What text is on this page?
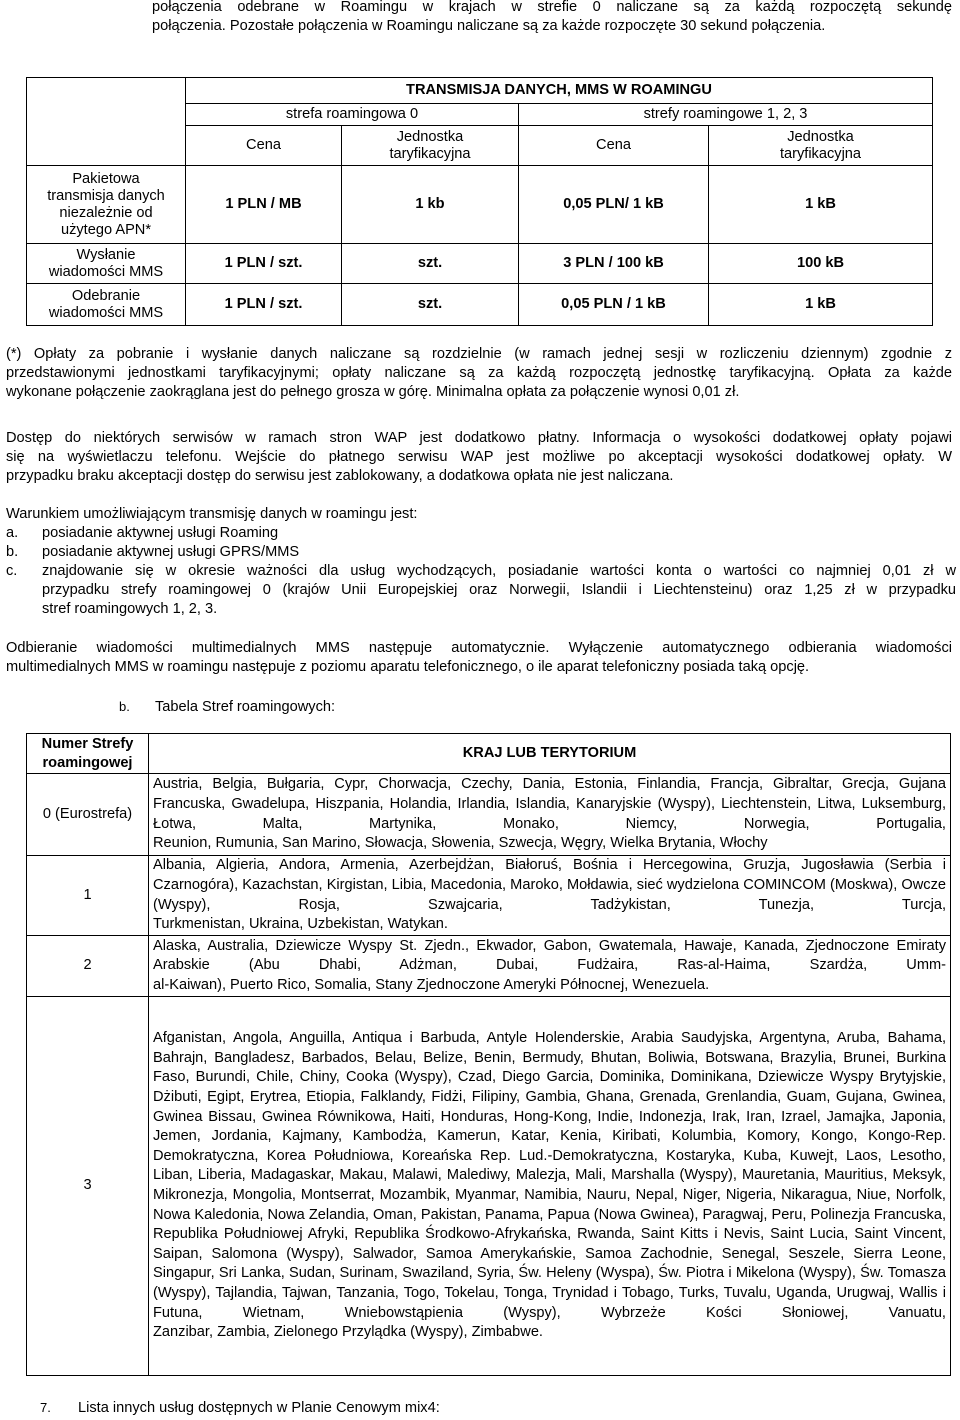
połączenia odebrane w Roamingu w krajach w strefie 0 naliczane są za każdą rozpoczętą sekundę
połączenia. Pozostałe połączenia w Roamingu naliczane są za każde rozpoczęte 30 sekund połączenia.
	TRANSMISJA DANYCH, MMS W ROAMINGU			
	strefa roamingowa 0		strefy roamingowe 1, 2, 3	
	Cena	Jednostka taryfikacyjna	Cena	Jednostka taryfikacyjna

Pakietowa transmisja danych niezależnie od użytego APN*	1 PLN / MB	1 kb	0,05 PLN/ 1 kB	1 kB

Wysłanie wiadomości MMS	1 PLN / szt.	szt.	3 PLN / 100 kB	100 kB

Odebranie wiadomości MMS	1 PLN / szt.	szt.	0,05 PLN / 1 kB	1 kB
(*) Opłaty za pobranie i wysłanie danych naliczane są rozdzielnie (w ramach jednej sesji w rozliczeniu dziennym) zgodnie z
przedstawionymi jednostkami taryfikacyjnymi; opłaty naliczane są za każdą rozpoczętą jednostkę taryfikacyjną. Opłata za każde
wykonane połączenie zaokrąglana jest do pełnego grosza w górę. Minimalna opłata za połączenie wynosi 0,01 zł.
Dostęp do niektórych serwisów w ramach stron WAP jest dodatkowo płatny. Informacja o wysokości dodatkowej opłaty pojawi
się na wyświetlaczu telefonu. Wejście do płatnego serwisu WAP jest możliwe po akceptacji wysokości dodatkowej opłaty. W
przypadku braku akceptacji dostęp do serwisu jest zablokowany, a dodatkowa opłata nie jest naliczana.
Warunkiem umożliwiającym transmisję danych w roamingu jest:
a. posiadanie aktywnej usługi Roaming
b. posiadanie aktywnej usługi GPRS/MMS
c. znajdowanie się w okresie ważności dla usług wychodzących, posiadanie wartości konta o wartości co najmniej 0,01 zł w
przypadku strefy roamingowej 0 (krajów Unii Europejskiej oraz Norwegii, Islandii i Liechtensteinu) oraz 1,25 zł w przypadku
stref roamingowych 1, 2, 3.
Odbieranie wiadomości multimedialnych MMS następuje automatycznie. Wyłączenie automatycznego odbierania wiadomości
multimedialnych MMS w roamingu następuje z poziomu aparatu telefonicznego, o ile aparat telefoniczny posiada taką opcję.
b. Tabela Stref roamingowych:
Numer Strefy roamingowej	KRAJ LUB TERYTORIUM
0 (Eurostrefa)	Austria, Belgia, Bułgaria, Cypr, Chorwacja, Czechy, Dania, Estonia, Finlandia, Francja, Gibraltar, Grecja, Gujana Francuska, Gwadelupa, Hiszpania, Holandia, Irlandia, Islandia, Kanaryjskie (Wyspy), Liechtenstein, Litwa, Luksemburg, Łotwa, Malta, Martynika, Monako, Niemcy, Norwegia, Portugalia,
Reunion, Rumunia, San Marino, Słowacja, Słowenia, Szwecja, Węgry, Wielka Brytania, Włochy

1	Albania, Algieria, Andora, Armenia, Azerbejdżan, Białoruś, Bośnia i Hercegowina, Gruzja, Jugosławia (Serbia i Czarnogóra), Kazachstan, Kirgistan, Libia, Macedonia, Maroko, Mołdawia, sieć wydzielona COMINCOM (Moskwa), Owcze (Wyspy), Rosja, Szwajcaria, Tadżykistan, Tunezja, Turcja,
Turkmenistan, Ukraina, Uzbekistan, Watykan.

2	Alaska, Australia, Dziewicze Wyspy St. Zjedn., Ekwador, Gabon, Gwatemala, Hawaje, Kanada, Zjednoczone Emiraty Arabskie (Abu Dhabi, Adżman, Dubai, Fudżaira, Ras-al-Haima, Szardża, Umm-
al-Kaiwan), Puerto Rico, Somalia, Stany Zjednoczone Ameryki Północnej, Wenezuela.

3	Afganistan, Angola, Anguilla, Antiqua i Barbuda, Antyle Holenderskie, Arabia Saudyjska, Argentyna, Aruba, Bahama, Bahrajn, Bangladesz, Barbados, Belau, Belize, Benin, Bermudy, Bhutan, Boliwia, Botswana, Brazylia, Brunei, Burkina Faso, Burundi, Chile, Chiny, Cooka (Wyspy), Czad, Diego Garcia, Dominika, Dominikana, Dziewicze Wyspy Brytyjskie, Dżibuti, Egipt, Erytrea, Etiopia, Falklandy, Fidżi, Filipiny, Gambia, Ghana, Grenada, Grenlandia, Guam, Gujana, Gwinea, Gwinea Bissau, Gwinea Równikowa, Haiti, Honduras, Hong-Kong, Indie, Indonezja, Irak, Iran, Izrael, Jamajka, Japonia, Jemen, Jordania, Kajmany, Kambodża, Kamerun, Katar, Kenia, Kiribati, Kolumbia, Komory, Kongo, Kongo-Rep. Demokratyczna, Korea Południowa, Koreańska Rep. Lud.-Demokratyczna, Kostaryka, Kuba, Kuwejt, Laos, Lesotho, Liban, Liberia, Madagaskar, Makau, Malawi, Malediwy, Malezja, Mali, Marshalla (Wyspy), Mauretania, Mauritius, Meksyk, Mikronezja, Mongolia, Montserrat, Mozambik, Myanmar, Namibia, Nauru, Nepal, Niger, Nigeria, Nikaragua, Niue, Norfolk, Nowa Kaledonia, Nowa Zelandia, Oman, Pakistan, Panama, Papua (Nowa Gwinea), Paragwaj, Peru, Polinezja Francuska, Republika Południowej Afryki, Republika Środkowo-Afrykańska, Rwanda, Saint Kitts i Nevis, Saint Lucia, Saint Vincent, Saipan, Salomona (Wyspy), Salwador, Samoa Amerykańskie, Samoa Zachodnie, Senegal, Seszele, Sierra Leone, Singapur, Sri Lanka, Sudan, Surinam, Swaziland, Syria, Św. Heleny (Wyspa), Św. Piotra i Mikelona (Wyspy), Św. Tomasza (Wyspy), Tajlandia, Tajwan, Tanzania, Togo, Tokelau, Tonga, Trynidad i Tobago, Turks, Tuvalu, Uganda, Urugwaj, Wallis i Futuna, Wietnam, Wniebowstąpienia (Wyspy), Wybrzeże Kości Słoniowej, Vanuatu,
Zanzibar, Zambia, Zielonego Przylądka (Wyspy), Zimbabwe.
7. Lista innych usług dostępnych w Planie Cenowym mix4:
